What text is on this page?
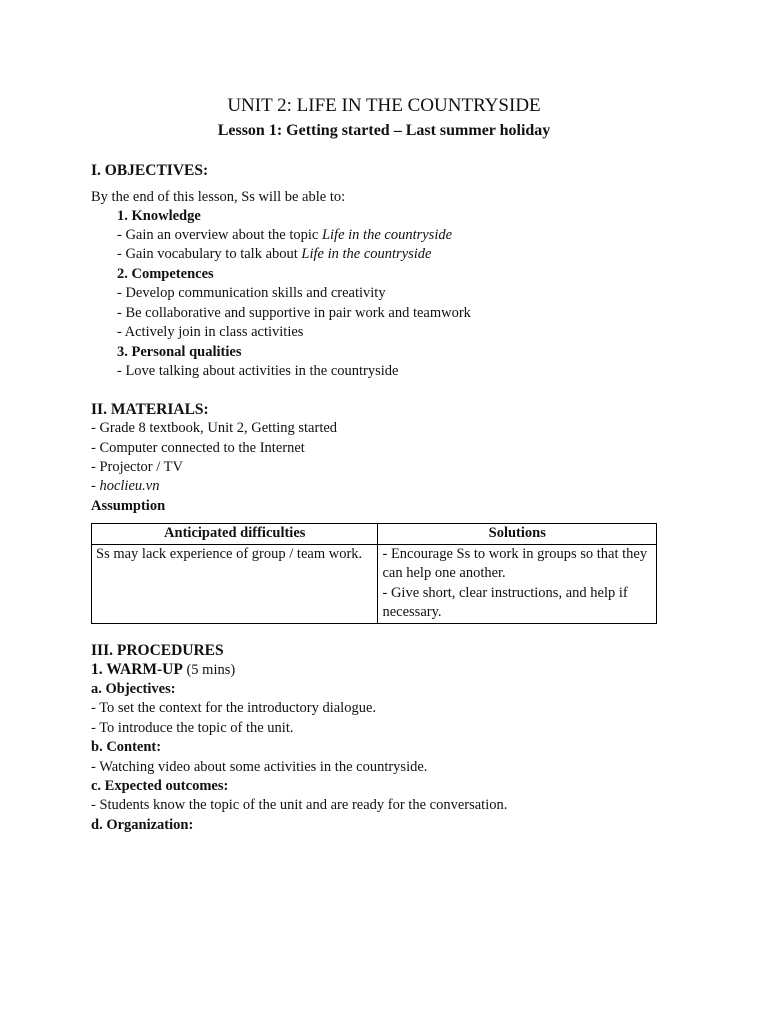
UNIT 2: LIFE IN THE COUNTRYSIDE
Lesson 1: Getting started – Last summer holiday
I. OBJECTIVES:
By the end of this lesson, Ss will be able to:
1. Knowledge
- Gain an overview about the topic Life in the countryside
- Gain vocabulary to talk about Life in the countryside
2. Competences
- Develop communication skills and creativity
- Be collaborative and supportive in pair work and teamwork
- Actively join in class activities
3. Personal qualities
- Love talking about activities in the countryside
II. MATERIALS:
- Grade 8 textbook, Unit 2, Getting started
- Computer connected to the Internet
- Projector / TV
- hoclieu.vn
Assumption
Anticipated difficulties	Solutions
Ss may lack experience of group / team work.	- Encourage Ss to work in groups so that they can help one another.
- Give short, clear instructions, and help if necessary.
III. PROCEDURES
1. WARM-UP (5 mins)
a. Objectives:
- To set the context for the introductory dialogue.
- To introduce the topic of the unit.
b. Content:
- Watching video about some activities in the countryside.
c. Expected outcomes:
- Students know the topic of the unit and are ready for the conversation.
d. Organization:
